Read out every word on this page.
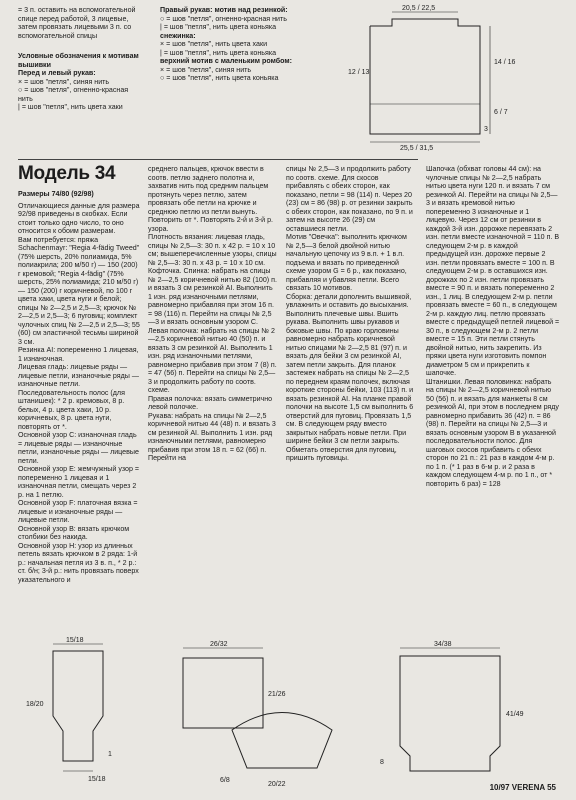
= 3 п. оставить на вспомогательной спице перед работой, 3 лицевые, затем провязать лицевыми 3 п. со вспомогательной спицы

Условные обозначения к мотивам вышивки

Перед и левый рукав:

× = шов "петля", синяя нить

○ = шов "петля", огненно-красная нить

| = шов "петля", нить цвета хаки

Правый рукав: мотив над резинкой:

○ = шов "петля", огненно-красная нить

| = шов "петля", нить цвета коньяка

снежинка:

× = шов "петля", нить цвета хаки

| = шов "петля", нить цвета коньяка

верхний мотив с маленьким ромбом:

× = шов "петля", синяя нить

○ = шов "петля", нить цвета коньяка

20,5 / 22,5
14 / 16
6 / 7
12 / 13
25,5 / 31,5
3
Модель 34

Размеры 74/80 (92/98)

Отличающиеся данные для размера 92/98 приведены в скобках. Если стоит только одно число, то оно относится к обоим размерам.

Вам потребуется: пряжа Schachenmayr: "Regia 4-fädig Tweed" (75% шерсть, 20% полиамида, 5% полиакрила; 200 м/50 г) — 150 (200) г кремовой; "Regia 4-fädig" (75% шерсть, 25% полиамида; 210 м/50 г) — 150 (200) г коричневой, по 100 г цвета хаки, цвета нуги и белой; спицы № 2—2,5 и 2,5—3; крючок № 2—2,5 и 2,5—3; 6 пуговиц; комплект чулочных спиц № 2—2,5 и 2,5—3; 55 (60) см эластичной тесьмы шириной 3 см.

Резинка AI: попеременно 1 лицевая, 1 изнаночная.

Лицевая гладь: лицевые ряды — лицевые петли, изнаночные ряды — изнаночные петли.

Последовательность полос (для штанишек): * 2 р. кремовых, 8 р. белых, 4 р. цвета хаки, 10 р. коричневых, 8 р. цвета нуги, повторять от *.

Основной узор С: изнаночная гладь = лицевые ряды — изнаночные петли, изнаночные ряды — лицевые петли.

Основной узор Е: жемчужный узор = попеременно 1 лицевая и 1 изнаночная петли, смещать через 2 р. на 1 петлю.

Основной узор F: платочная вязка = лицевые и изнаночные ряды — лицевые петли.

Основной узор В: вязать крючком столбики без накида.

Основной узор Н: узор из длинных петель вязать крючком в 2 ряда: 1-й р.: начальная петля из 3 в. п., * 2 р.: ст. б/н; 3-й р.: нить провязать поверх указательного и

среднего пальцев, крючок ввести в соотв. петлю заднего полотна и, захватив нить под средним пальцем протянуть через петлю, затем провязать обе петли на крючке и среднюю петлю из петли вынуть. Повторить от *. Повторять 2-й и 3-й р. узора.

Плотность вязания: лицевая гладь, спицы № 2,5—3: 30 п. х 42 р. = 10 х 10 см; вышеперечисленные узоры, спицы № 2,5—3: 30 п. х 43 р. = 10 х 10 см.

Кофточка. Спинка: набрать на спицы № 2—2,5 коричневой нитью 82 (100) п. и вязать 3 см резинкой AI. Выполнить 1 изн. ряд изнаночными петлями, равномерно прибавляя при этом 16 п. = 98 (116) п. Перейти на спицы № 2,5—3 и вязать основным узором С.

Левая полочка: набрать на спицы № 2—2,5 коричневой нитью 40 (50) п. и вязать 3 см резинкой AI. Выполнить 1 изн. ряд изнаночными петлями, равномерно прибавив при этом 7 (8) п. = 47 (56) п. Перейти на спицы № 2,5—3 и продолжить работу по соотв. схеме.

Правая полочка: вязать симметрично левой полочке.

Рукава: набрать на спицы № 2—2,5 коричневой нитью 44 (48) п. и вязать 3 см резинкой AI. Выполнить 1 изн. ряд изнаночными петлями, равномерно прибавив при этом 18 п. = 62 (66) п. Перейти на

спицы № 2,5—3 и продолжить работу по соотв. схеме. Для скосов прибавлять с обеих сторон, как показано, петли = 98 (114) п. Через 20 (23) см = 86 (98) р. от резинки закрыть с обеих сторон, как показано, по 9 п. и затем на высоте 26 (29) см оставшиеся петли.

Мотив "Овечка": выполнить крючком № 2,5—3 белой двойной нитью начальную цепочку из 9 в.п. + 1 в.п. подъема и вязать по приведенной схеме узором G = 6 р., как показано, прибавляя и убавляя петли. Всего связать 10 мотивов.

Сборка: детали дополнить вышивкой, увлажнить и оставить до высыхания. Выполнить плечевые швы. Вшить рукава. Выполнить швы рукавов и боковые швы. По краю горловины равномерно набрать коричневой нитью спицами № 2—2,5 81 (97) п. и вязать для бейки 3 см резинкой AI, затем петли закрыть. Для планок застежек набрать на спицы № 2—2,5 по переднем краям полочек, включая короткие стороны бейки, 103 (113) п. и вязать резинкой AI. На планке правой полочки на высоте 1,5 см выполнить 6 отверстий для пуговиц. Провязать 1,5 см. В следующем ряду вместо закрытых набрать новые петли. При ширине бейки 3 см петли закрыть. Обметать отверстия для пуговиц, пришить пуговицы.

Шапочка (обхват головы 44 см): на чулочные спицы № 2—2,5 набрать нитью цвета нуги 120 п. и вязать 7 см резинкой AI. Перейти на спицы № 2,5—3 и вязать кремовой нитью попеременно 3 изнаночные и 1 лицевую. Через 12 см от резинки в каждой 3-й изн. дорожке перевязать 2 изн. петли вместе изнаночной = 110 п. В следующем 2-м р. в каждой предыдущей изн. дорожке первые 2 изн. петли провязать вместе = 100 п. В следующем 2-м р. в оставшихся изн. дорожках по 2 изн. петли провязать вместе = 90 п. и вязать попеременно 2 изн., 1 лиц. В следующем 2-м р. петли провязать вместе = 60 п., в следующем 2-м р. каждую лиц. петлю провязать вместе с предыдущей петлей лицевой = 30 п., в следующем 2-м р. 2 петли вместе = 15 п. Эти петли стянуть двойной нитью, нить закрепить. Из пряжи цвета нуги изготовить помпон диаметром 5 см и прикрепить к шапочке.

Штанишки. Левая половинка: набрать на спицы № 2—2,5 коричневой нитью 50 (56) п. и вязать для манжеты 8 см резинкой AI, при этом в последнем ряду равномерно прибавить 36 (42) п. = 86 (98) п. Перейти на спицы № 2,5—3 и вязать основным узором В в указанной последовательности полос. Для шаговых скосов прибавить с обеих сторон по 21 п.: 21 раз в каждом 4-м р. по 1 п. (* 1 раз в 6-м р. и 2 раза в каждом следующем 4-м р. по 1 п., от * повторить 6 раз) = 128

15/18
18/20
1
15/18
26/32
21/26
6/8
20/22
34/38
41/49
8
10/97 VERENA 55
